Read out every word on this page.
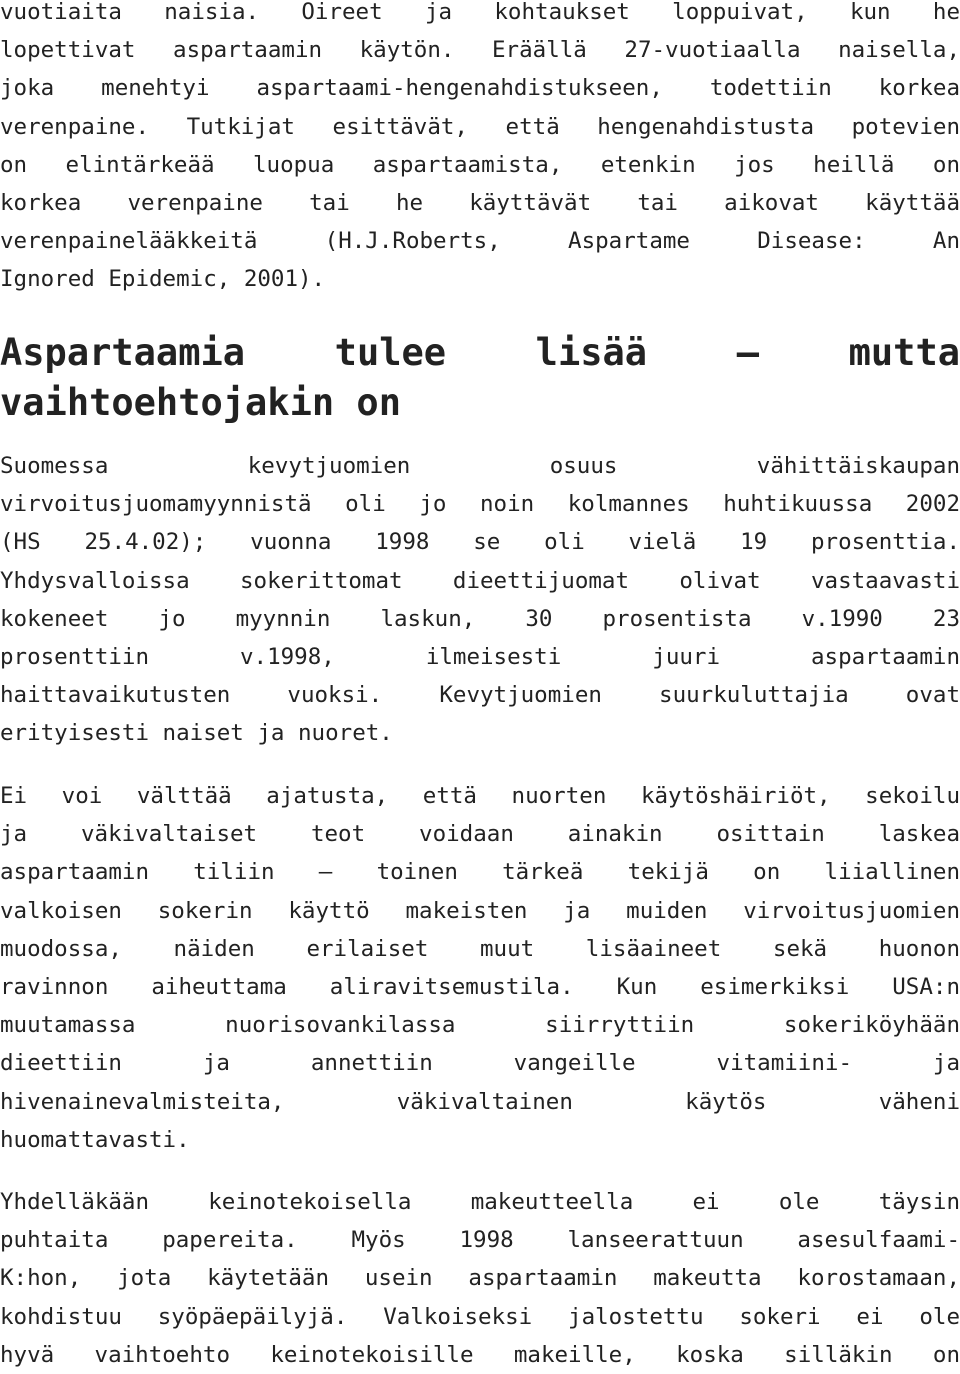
vuotiaita naisia. Oireet ja kohtaukset loppuivat, kun he
lopettivat aspartaamin käytön. Eräällä 27-vuotiaalla naisella,
joka menehtyi aspartaami-hengenahdistukseen, todettiin korkea
verenpaine. Tutkijat esittävät, että hengenahdistusta potevien
on elintärkeää luopua aspartaamista, etenkin jos heillä on
korkea verenpaine tai he käyttävät tai aikovat käyttää
verenpainelääkkeitä (H.J.Roberts, Aspartame Disease: An
Ignored Epidemic, 2001).
Aspartaamia tulee lisää – mutta
vaihtoehtojakin on
Suomessa kevytjuomien osuus vähittäiskaupan
virvoitusjuomamyynnistä oli jo noin kolmannes huhtikuussa 2002
(HS 25.4.02); vuonna 1998 se oli vielä 19 prosenttia.
Yhdysvalloissa sokerittomat dieettijuomat olivat vastaavasti
kokeneet jo myynnin laskun, 30 prosentista v.1990 23
prosenttiin v.1998, ilmeisesti juuri aspartaamin
haittavaikutusten vuoksi. Kevytjuomien suurkuluttajia ovat
erityisesti naiset ja nuoret.
Ei voi välttää ajatusta, että nuorten käytöshäiriöt, sekoilu
ja väkivaltaiset teot voidaan ainakin osittain laskea
aspartaamin tiliin – toinen tärkeä tekijä on liiallinen
valkoisen sokerin käyttö makeisten ja muiden virvoitusjuomien
muodossa, näiden erilaiset muut lisäaineet sekä huonon
ravinnon aiheuttama aliravitsemustila. Kun esimerkiksi USA:n
muutamassa nuorisovankilassa siirryttiin sokeriköyhään
dieettiin ja annettiin vangeille vitamiini- ja
hivenainevalmisteita, väkivaltainen käytös väheni
huomattavasti.
Yhdelläkään keinotekoisella makeutteella ei ole täysin
puhtaita papereita. Myös 1998 lanseerattuun asesulfaami-
K:hon, jota käytetään usein aspartaamin makeutta korostamaan,
kohdistuu syöpäepäilyjä. Valkoiseksi jalostettu sokeri ei ole
hyvä vaihtoehto keinotekoisille makeille, koska silläkin on
